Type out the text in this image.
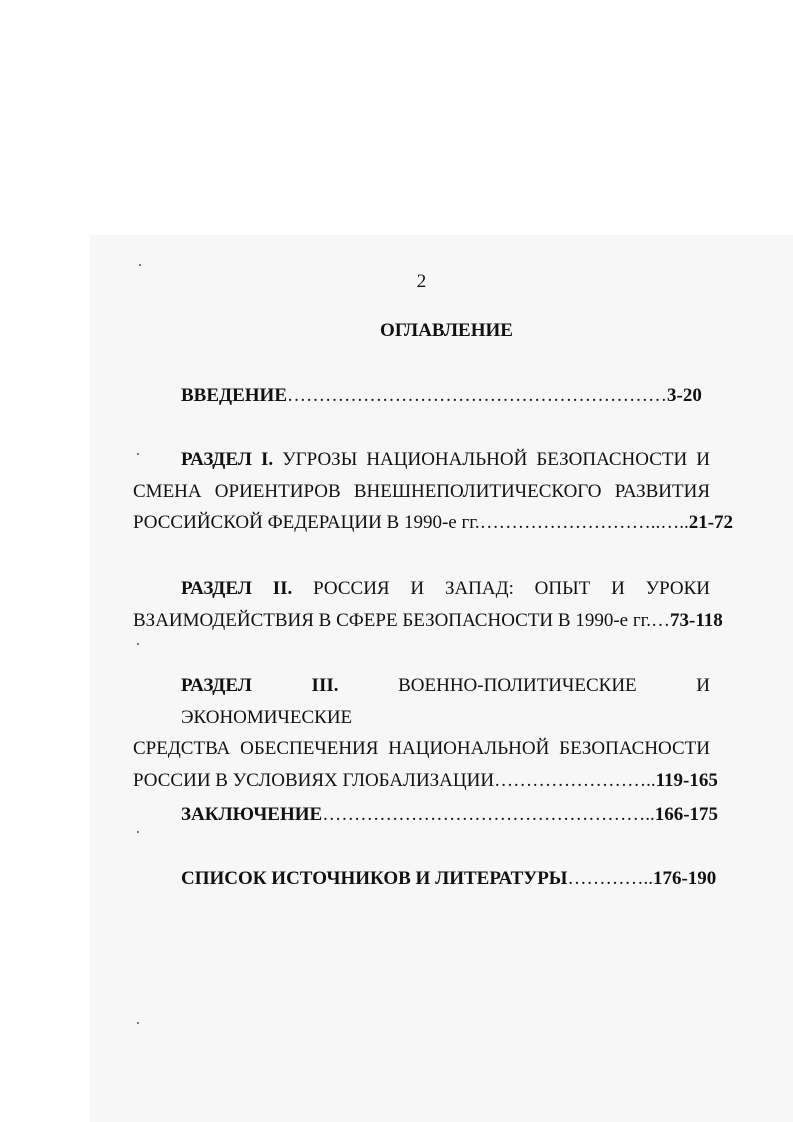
2
ОГЛАВЛЕНИЕ
ВВЕДЕНИЕ……………………………………………………3-20
РАЗДЕЛ I. УГРОЗЫ НАЦИОНАЛЬНОЙ БЕЗОПАСНОСТИ И
СМЕНА ОРИЕНТИРОВ ВНЕШНЕПОЛИТИЧЕСКОГО РАЗВИТИЯ
РОССИЙСКОЙ ФЕДЕРАЦИИ В 1990-е гг.………………………..…..21-72
РАЗДЕЛ II. РОССИЯ И ЗАПАД: ОПЫТ И УРОКИ
ВЗАИМОДЕЙСТВИЯ В СФЕРЕ БЕЗОПАСНОСТИ В 1990-е гг.…73-118
РАЗДЕЛ III.	ВОЕННО-ПОЛИТИЧЕСКИЕ И ЭКОНОМИЧЕСКИЕ
СРЕДСТВА ОБЕСПЕЧЕНИЯ НАЦИОНАЛЬНОЙ БЕЗОПАСНОСТИ
РОССИИ В УСЛОВИЯХ ГЛОБАЛИЗАЦИИ……………………..119-165
ЗАКЛЮЧЕНИЕ……………………………………………..166-175
СПИСОК ИСТОЧНИКОВ И ЛИТЕРАТУРЫ…………..176-190
